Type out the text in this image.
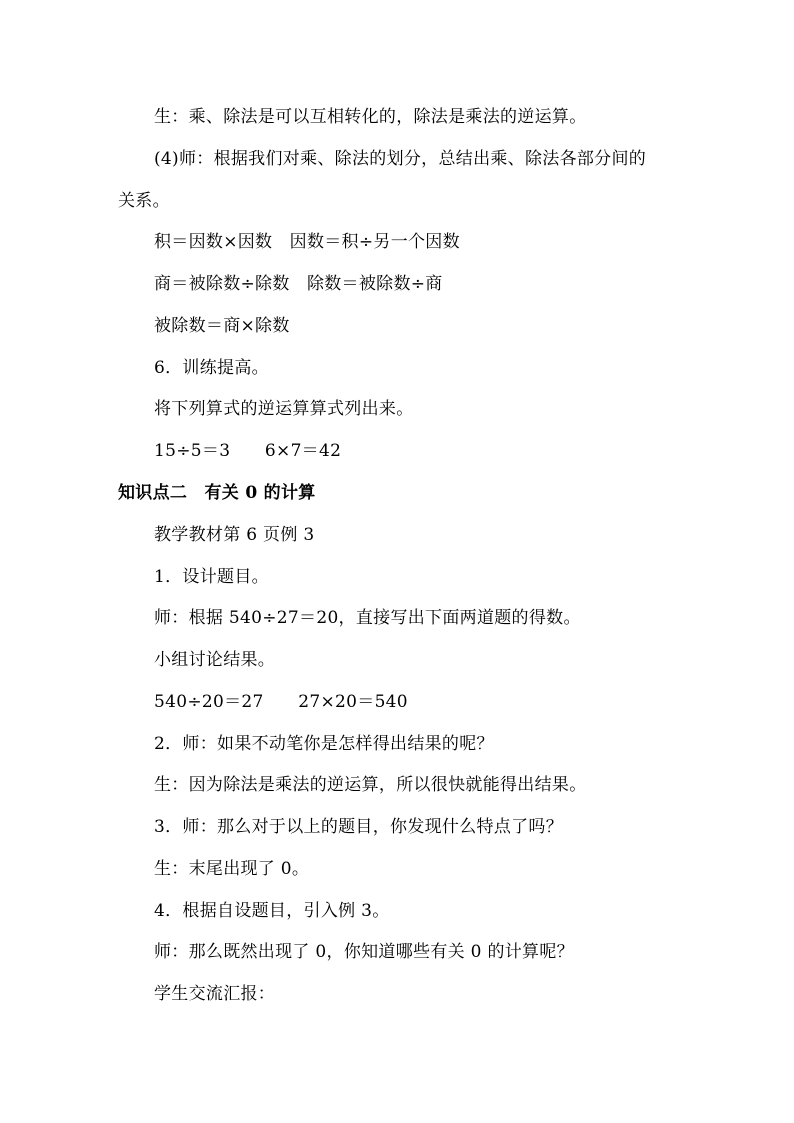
生：乘、除法是可以互相转化的，除法是乘法的逆运算。
(4)师：根据我们对乘、除法的划分，总结出乘、除法各部分间的
关系。
积＝因数×因数　因数＝积÷另一个因数
商＝被除数÷除数　除数＝被除数÷商
被除数＝商×除数
6．训练提高。
将下列算式的逆运算算式列出来。
15÷5＝3　　6×7＝42
知识点二　有关 0 的计算
教学教材第 6 页例 3
1．设计题目。
师：根据 540÷27＝20，直接写出下面两道题的得数。
小组讨论结果。
540÷20＝27　　27×20＝540
2．师：如果不动笔你是怎样得出结果的呢？
生：因为除法是乘法的逆运算，所以很快就能得出结果。
3．师：那么对于以上的题目，你发现什么特点了吗？
生：末尾出现了 0。
4．根据自设题目，引入例 3。
师：那么既然出现了 0，你知道哪些有关 0 的计算呢？
学生交流汇报：
